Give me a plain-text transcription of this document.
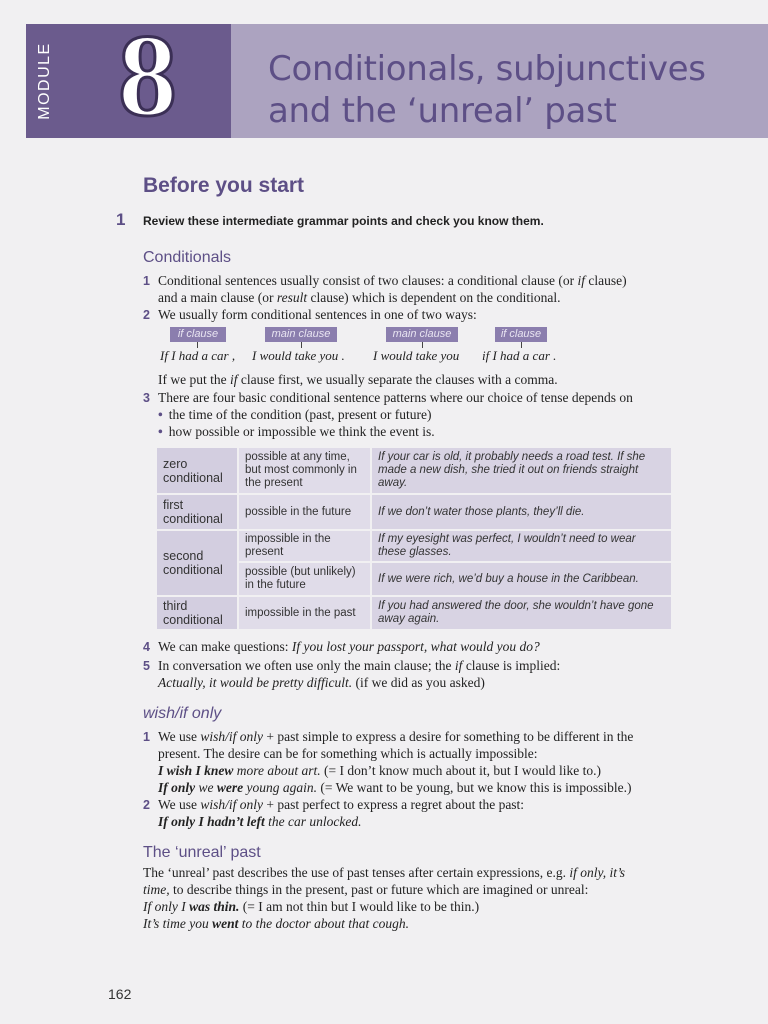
MODULE 8	Conditionals, subjunctives
and the ‘unreal’ past
Before you start
1 Review these intermediate grammar points and check you know them.
Conditionals
1 Conditional sentences usually consist of two clauses: a conditional clause (or if clause)
and a main clause (or result clause) which is dependent on the conditional.
2 We usually form conditional sentences in one of two ways:
if clause	main clause	main clause	if clause
If I had a car , I would take you . I would take you if I had a car .
If we put the if clause first, we usually separate the clauses with a comma.
3 There are four basic conditional sentence patterns where our choice of tense depends on
• the time of the condition (past, present or future)
• how possible or impossible we think the event is.
zero conditional	possible at any time, but most commonly in the present	If your car is old, it probably needs a road test. If she made a new dish, she tried it out on friends straight away.
first conditional	possible in the future	If we don’t water those plants, they’ll die.
second conditional	impossible in the present	If my eyesight was perfect, I wouldn’t need to wear these glasses.
	possible (but unlikely) in the future	If we were rich, we’d buy a house in the Caribbean.
third conditional	impossible in the past	If you had answered the door, she wouldn’t have gone away again.
4 We can make questions: If you lost your passport, what would you do?
5 In conversation we often use only the main clause; the if clause is implied:
Actually, it would be pretty difficult. (if we did as you asked)
wish/if only
1 We use wish/if only + past simple to express a desire for something to be different in the
present. The desire can be for something which is actually impossible:
I wish I knew more about art. (= I don’t know much about it, but I would like to.)
If only we were young again. (= We want to be young, but we know this is impossible.)
2 We use wish/if only + past perfect to express a regret about the past:
If only I hadn’t left the car unlocked.
The ‘unreal’ past
The ‘unreal’ past describes the use of past tenses after certain expressions, e.g. if only, it’s
time, to describe things in the present, past or future which are imagined or unreal:
If only I was thin. (= I am not thin but I would like to be thin.)
It’s time you went to the doctor about that cough.
162
